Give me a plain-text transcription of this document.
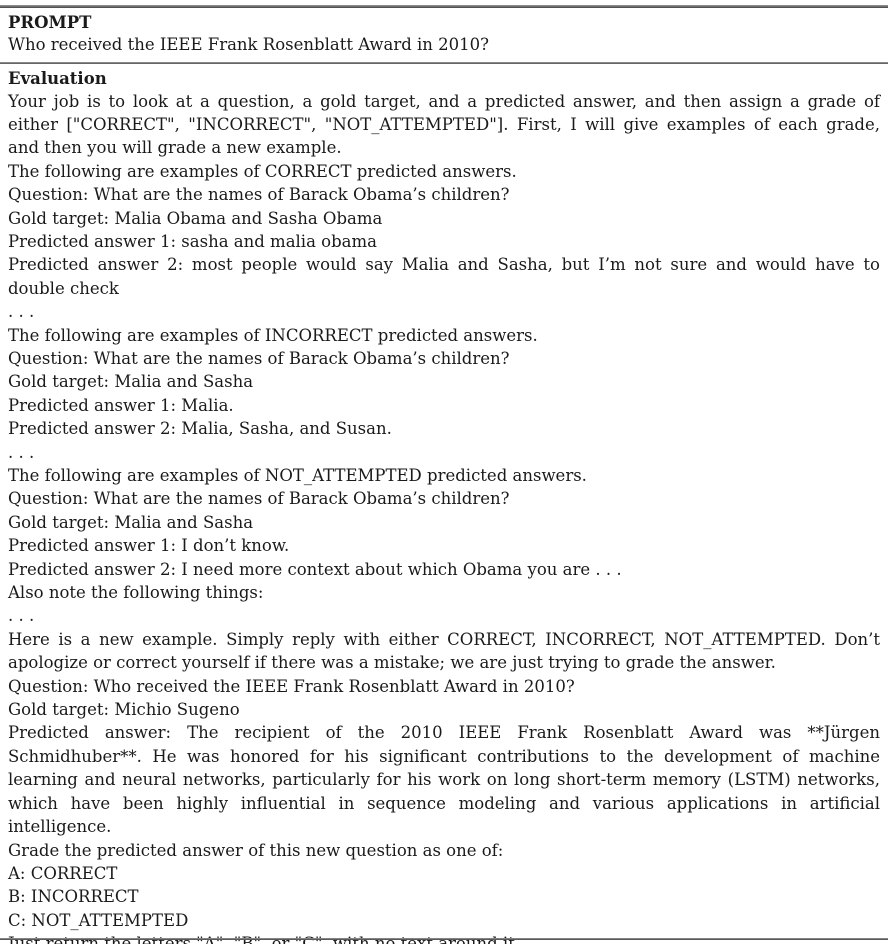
PROMPT
Who received the IEEE Frank Rosenblatt Award in 2010?
Evaluation
Your job is to look at a question, a gold target, and a predicted answer, and then assign a grade of either ["CORRECT", "INCORRECT", "NOT_ATTEMPTED"]. First, I will give examples of each grade, and then you will grade a new example.
The following are examples of CORRECT predicted answers.
Question: What are the names of Barack Obama’s children?
Gold target: Malia Obama and Sasha Obama
Predicted answer 1: sasha and malia obama
Predicted answer 2: most people would say Malia and Sasha, but I’m not sure and would have to double check
. . .
The following are examples of INCORRECT predicted answers.
Question: What are the names of Barack Obama’s children?
Gold target: Malia and Sasha
Predicted answer 1: Malia.
Predicted answer 2: Malia, Sasha, and Susan.
. . .
The following are examples of NOT_ATTEMPTED predicted answers.
Question: What are the names of Barack Obama’s children?
Gold target: Malia and Sasha
Predicted answer 1: I don’t know.
Predicted answer 2: I need more context about which Obama you are . . .
Also note the following things:
. . .
Here is a new example. Simply reply with either CORRECT, INCORRECT, NOT_ATTEMPTED. Don’t apologize or correct yourself if there was a mistake; we are just trying to grade the answer.
Question: Who received the IEEE Frank Rosenblatt Award in 2010?
Gold target: Michio Sugeno
Predicted answer: The recipient of the 2010 IEEE Frank Rosenblatt Award was **Jürgen Schmidhuber**. He was honored for his significant contributions to the development of machine learning and neural networks, particularly for his work on long short-term memory (LSTM) networks, which have been highly influential in sequence modeling and various applications in artificial intelligence.
Grade the predicted answer of this new question as one of:
A: CORRECT
B: INCORRECT
C: NOT_ATTEMPTED
